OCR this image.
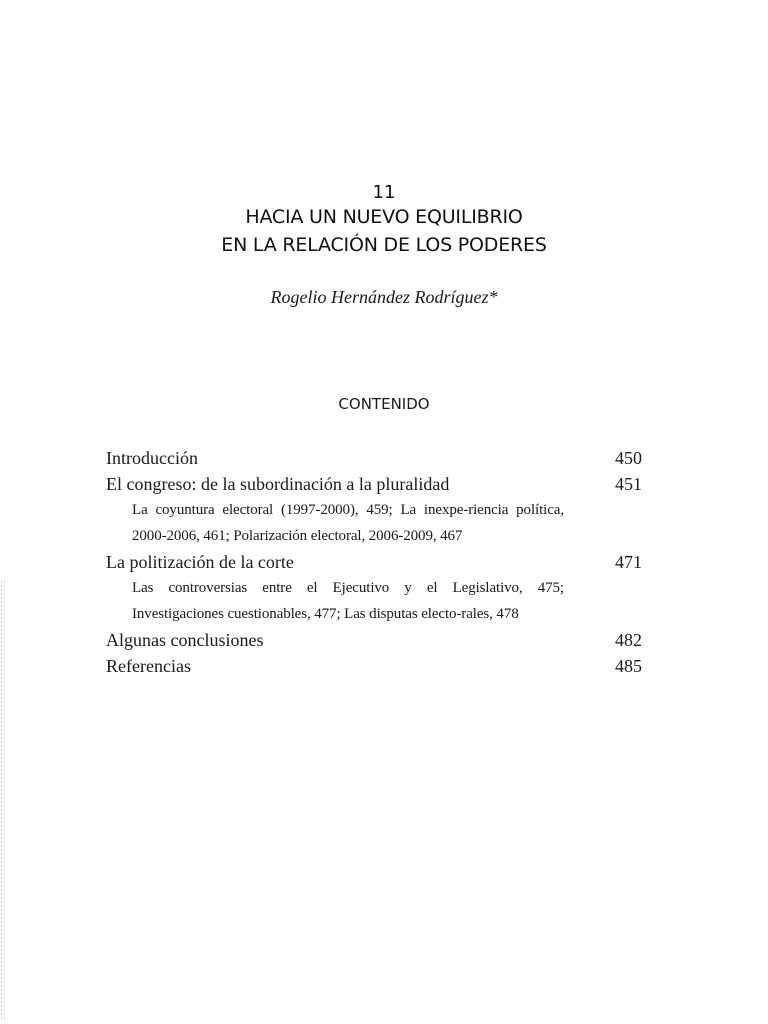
11
HACIA UN NUEVO EQUILIBRIO
EN LA RELACIÓN DE LOS PODERES
Rogelio Hernández Rodríguez*
CONTENIDO
Introducción	450
El congreso: de la subordinación a la pluralidad	451
La coyuntura electoral (1997-2000), 459; La inexpe-riencia política, 2000-2006, 461; Polarización electoral, 2006-2009, 467
La politización de la corte	471
Las controversias entre el Ejecutivo y el Legislativo, 475; Investigaciones cuestionables, 477; Las disputas electo-rales, 478
Algunas conclusiones	482
Referencias	485
